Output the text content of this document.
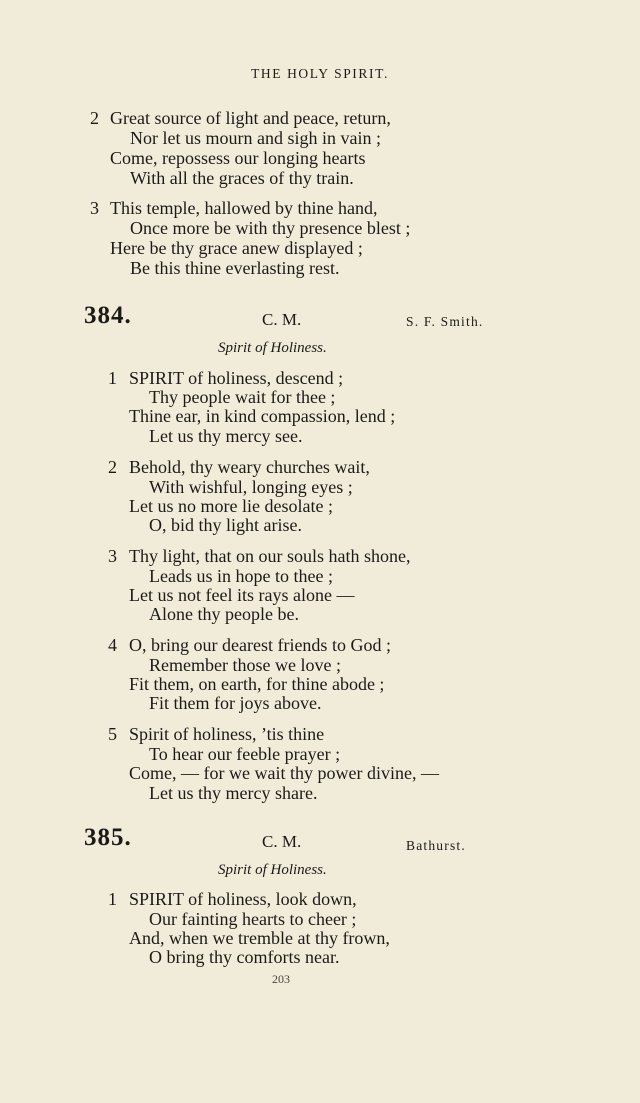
THE HOLY SPIRIT.
2 Great source of light and peace, return,
Nor let us mourn and sigh in vain ;
Come, repossess our longing hearts
With all the graces of thy train.
3 This temple, hallowed by thine hand,
Once more be with thy presence blest ;
Here be thy grace anew displayed ;
Be this thine everlasting rest.
384.	C. M.	S. F. Smith.
Spirit of Holiness.
1 SPIRIT of holiness, descend ;
Thy people wait for thee ;
Thine ear, in kind compassion, lend ;
Let us thy mercy see.
2 Behold, thy weary churches wait,
With wishful, longing eyes ;
Let us no more lie desolate ;
O, bid thy light arise.
3 Thy light, that on our souls hath shone,
Leads us in hope to thee ;
Let us not feel its rays alone —
Alone thy people be.
4 O, bring our dearest friends to God ;
Remember those we love ;
Fit them, on earth, for thine abode ;
Fit them for joys above.
5 Spirit of holiness, ’tis thine
To hear our feeble prayer ;
Come, — for we wait thy power divine, —
Let us thy mercy share.
385.	C. M.	Bathurst.
Spirit of Holiness.
1 SPIRIT of holiness, look down,
Our fainting hearts to cheer ;
And, when we tremble at thy frown,
O bring thy comforts near.
203
